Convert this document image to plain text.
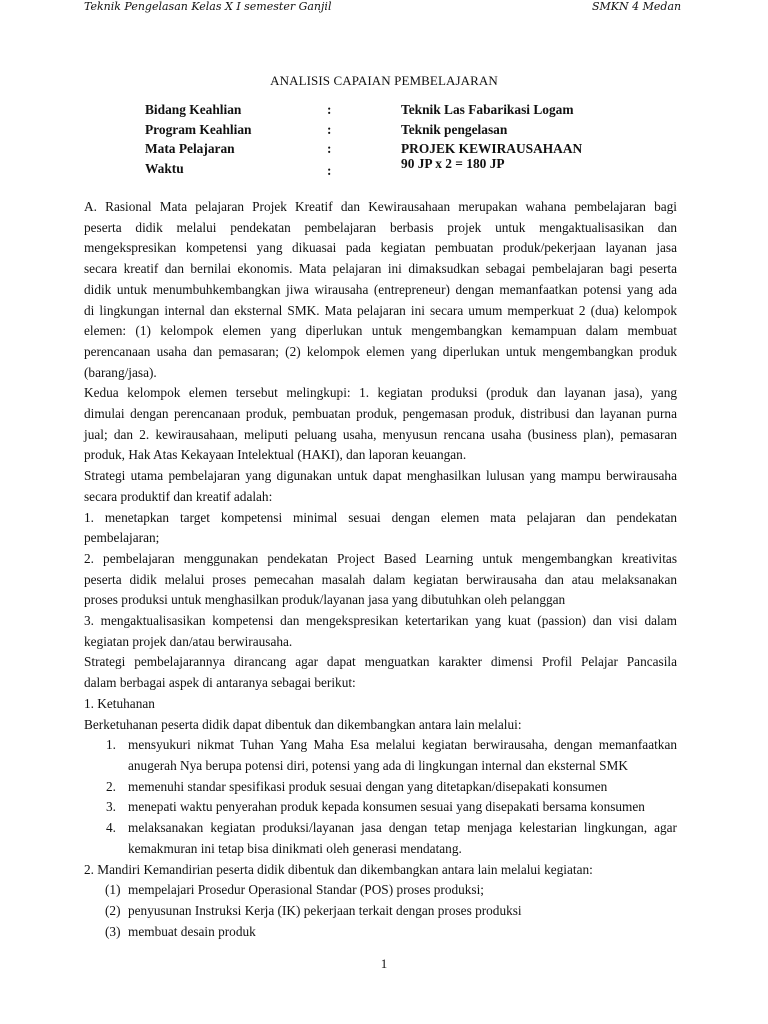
Teknik Pengelasan Kelas X I semester Ganjil	SMKN 4 Medan
ANALISIS CAPAIAN PEMBELAJARAN
Bidang Keahlian	:	Teknik Las Fabarikasi Logam
Program Keahlian	:	Teknik pengelasan
Mata Pelajaran	:	PROJEK KEWIRAUSAHAAN
Waktu	:	90 JP x 2 = 180 JP

A. Rasional Mata pelajaran Projek Kreatif dan Kewirausahaan merupakan wahana pembelajaran bagi

peserta didik melalui pendekatan pembelajaran berbasis projek untuk mengaktualisasikan dan

mengekspresikan kompetensi yang dikuasai pada kegiatan pembuatan produk/pekerjaan layanan jasa

secara kreatif dan bernilai ekonomis. Mata pelajaran ini dimaksudkan sebagai pembelajaran bagi peserta

didik untuk menumbuhkembangkan jiwa wirausaha (entrepreneur) dengan memanfaatkan potensi yang ada

di lingkungan internal dan eksternal SMK. Mata pelajaran ini secara umum memperkuat 2 (dua) kelompok

elemen: (1) kelompok elemen yang diperlukan untuk mengembangkan kemampuan dalam membuat

perencanaan usaha dan pemasaran; (2) kelompok elemen yang diperlukan untuk mengembangkan produk

(barang/jasa).

Kedua kelompok elemen tersebut melingkupi: 1. kegiatan produksi (produk dan layanan jasa), yang

dimulai dengan perencanaan produk, pembuatan produk, pengemasan produk, distribusi dan layanan purna

jual; dan 2. kewirausahaan, meliputi peluang usaha, menyusun rencana usaha (business plan), pemasaran

produk, Hak Atas Kekayaan Intelektual (HAKI), dan laporan keuangan.

Strategi utama pembelajaran yang digunakan untuk dapat menghasilkan lulusan yang mampu berwirausaha

secara produktif dan kreatif adalah:

1. menetapkan target kompetensi minimal sesuai dengan elemen mata pelajaran dan pendekatan

pembelajaran;

2. pembelajaran menggunakan pendekatan Project Based Learning untuk mengembangkan kreativitas

peserta didik melalui proses pemecahan masalah dalam kegiatan berwirausaha dan atau melaksanakan

proses produksi untuk menghasilkan produk/layanan jasa yang dibutuhkan oleh pelanggan

3. mengaktualisasikan kompetensi dan mengekspresikan ketertarikan yang kuat (passion) dan visi dalam

kegiatan projek dan/atau berwirausaha.

Strategi pembelajarannya dirancang agar dapat menguatkan karakter dimensi Profil Pelajar Pancasila

dalam berbagai aspek di antaranya sebagai berikut:

1. Ketuhanan

Berketuhanan peserta didik dapat dibentuk dan dikembangkan antara lain melalui:

1. mensyukuri nikmat Tuhan Yang Maha Esa melalui kegiatan berwirausaha, dengan memanfaatkan
anugerah Nya berupa potensi diri, potensi yang ada di lingkungan internal dan eksternal SMK
2. memenuhi standar spesifikasi produk sesuai dengan yang ditetapkan/disepakati konsumen
3. menepati waktu penyerahan produk kepada konsumen sesuai yang disepakati bersama konsumen
4. melaksanakan kegiatan produksi/layanan jasa dengan tetap menjaga kelestarian lingkungan, agar
kemakmuran ini tetap bisa dinikmati oleh generasi mendatang.

2. Mandiri Kemandirian peserta didik dibentuk dan dikembangkan antara lain melalui kegiatan:

(1) mempelajari Prosedur Operasional Standar (POS) proses produksi;
(2) penyusunan Instruksi Kerja (IK) pekerjaan terkait dengan proses produksi
(3) membuat desain produk
1
